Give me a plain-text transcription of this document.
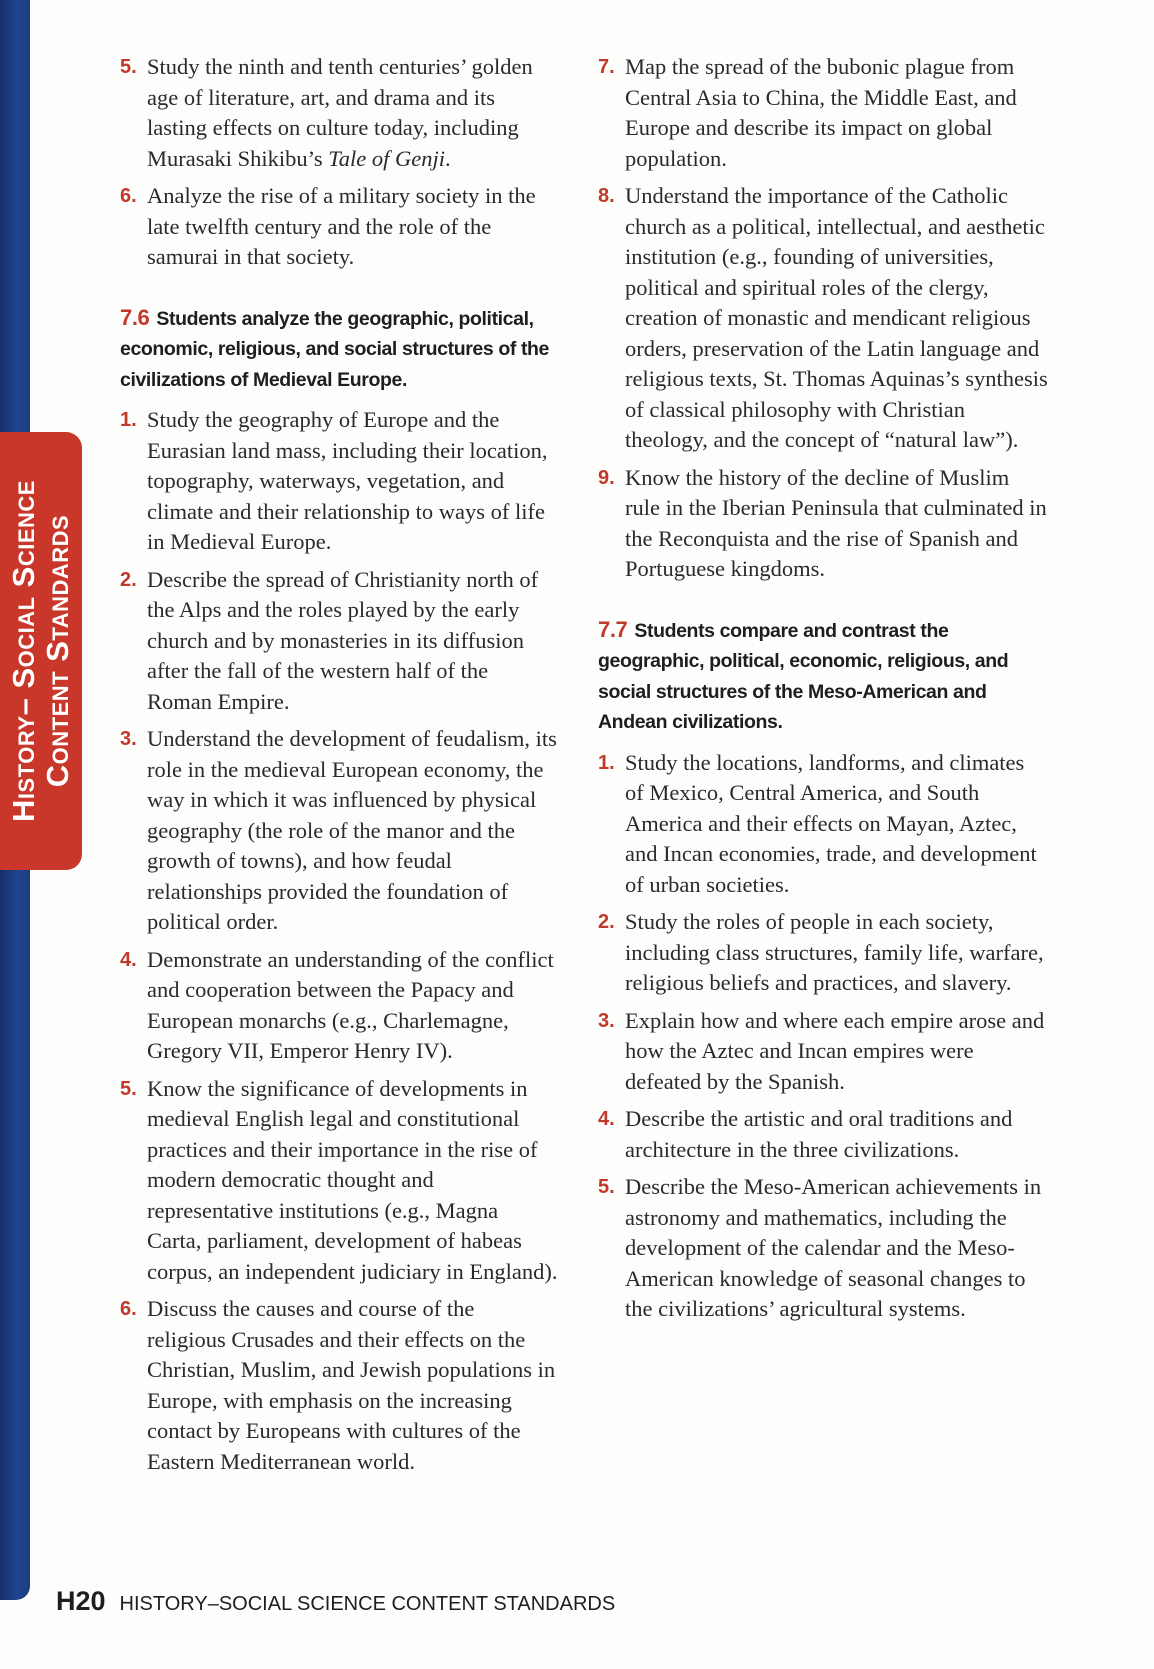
History– Social Science Content Standards
5. Study the ninth and tenth centuries’ golden age of literature, art, and drama and its lasting effects on culture today, including Murasaki Shikibu’s Tale of Genji.
6. Analyze the rise of a military society in the late twelfth century and the role of the samurai in that society.
7.6 Students analyze the geographic, political, economic, religious, and social structures of the civilizations of Medieval Europe.
1. Study the geography of Europe and the Eurasian land mass, including their location, topography, waterways, vegetation, and climate and their relationship to ways of life in Medieval Europe.
2. Describe the spread of Christianity north of the Alps and the roles played by the early church and by monasteries in its diffusion after the fall of the western half of the Roman Empire.
3. Understand the development of feudalism, its role in the medieval European economy, the way in which it was influenced by physical geography (the role of the manor and the growth of towns), and how feudal relationships provided the foundation of political order.
4. Demonstrate an understanding of the conflict and cooperation between the Papacy and European monarchs (e.g., Charlemagne, Gregory VII, Emperor Henry IV).
5. Know the significance of developments in medieval English legal and constitutional practices and their importance in the rise of modern democratic thought and representative institutions (e.g., Magna Carta, parliament, development of habeas corpus, an independent judiciary in England).
6. Discuss the causes and course of the religious Crusades and their effects on the Christian, Muslim, and Jewish populations in Europe, with emphasis on the increasing contact by Europeans with cultures of the Eastern Mediterranean world.
7. Map the spread of the bubonic plague from Central Asia to China, the Middle East, and Europe and describe its impact on global population.
8. Understand the importance of the Catholic church as a political, intellectual, and aesthetic institution (e.g., founding of universities, political and spiritual roles of the clergy, creation of monastic and mendicant religious orders, preservation of the Latin language and religious texts, St. Thomas Aquinas’s synthesis of classical philosophy with Christian theology, and the concept of “natural law”).
9. Know the history of the decline of Muslim rule in the Iberian Peninsula that culminated in the Reconquista and the rise of Spanish and Portuguese kingdoms.
7.7 Students compare and contrast the geographic, political, economic, religious, and social structures of the Meso-American and Andean civilizations.
1. Study the locations, landforms, and climates of Mexico, Central America, and South America and their effects on Mayan, Aztec, and Incan economies, trade, and development of urban societies.
2. Study the roles of people in each society, including class structures, family life, warfare, religious beliefs and practices, and slavery.
3. Explain how and where each empire arose and how the Aztec and Incan empires were defeated by the Spanish.
4. Describe the artistic and oral traditions and architecture in the three civilizations.
5. Describe the Meso-American achievements in astronomy and mathematics, including the development of the calendar and the Meso-American knowledge of seasonal changes to the civilizations’ agricultural systems.
H20 HISTORY–SOCIAL SCIENCE CONTENT STANDARDS
